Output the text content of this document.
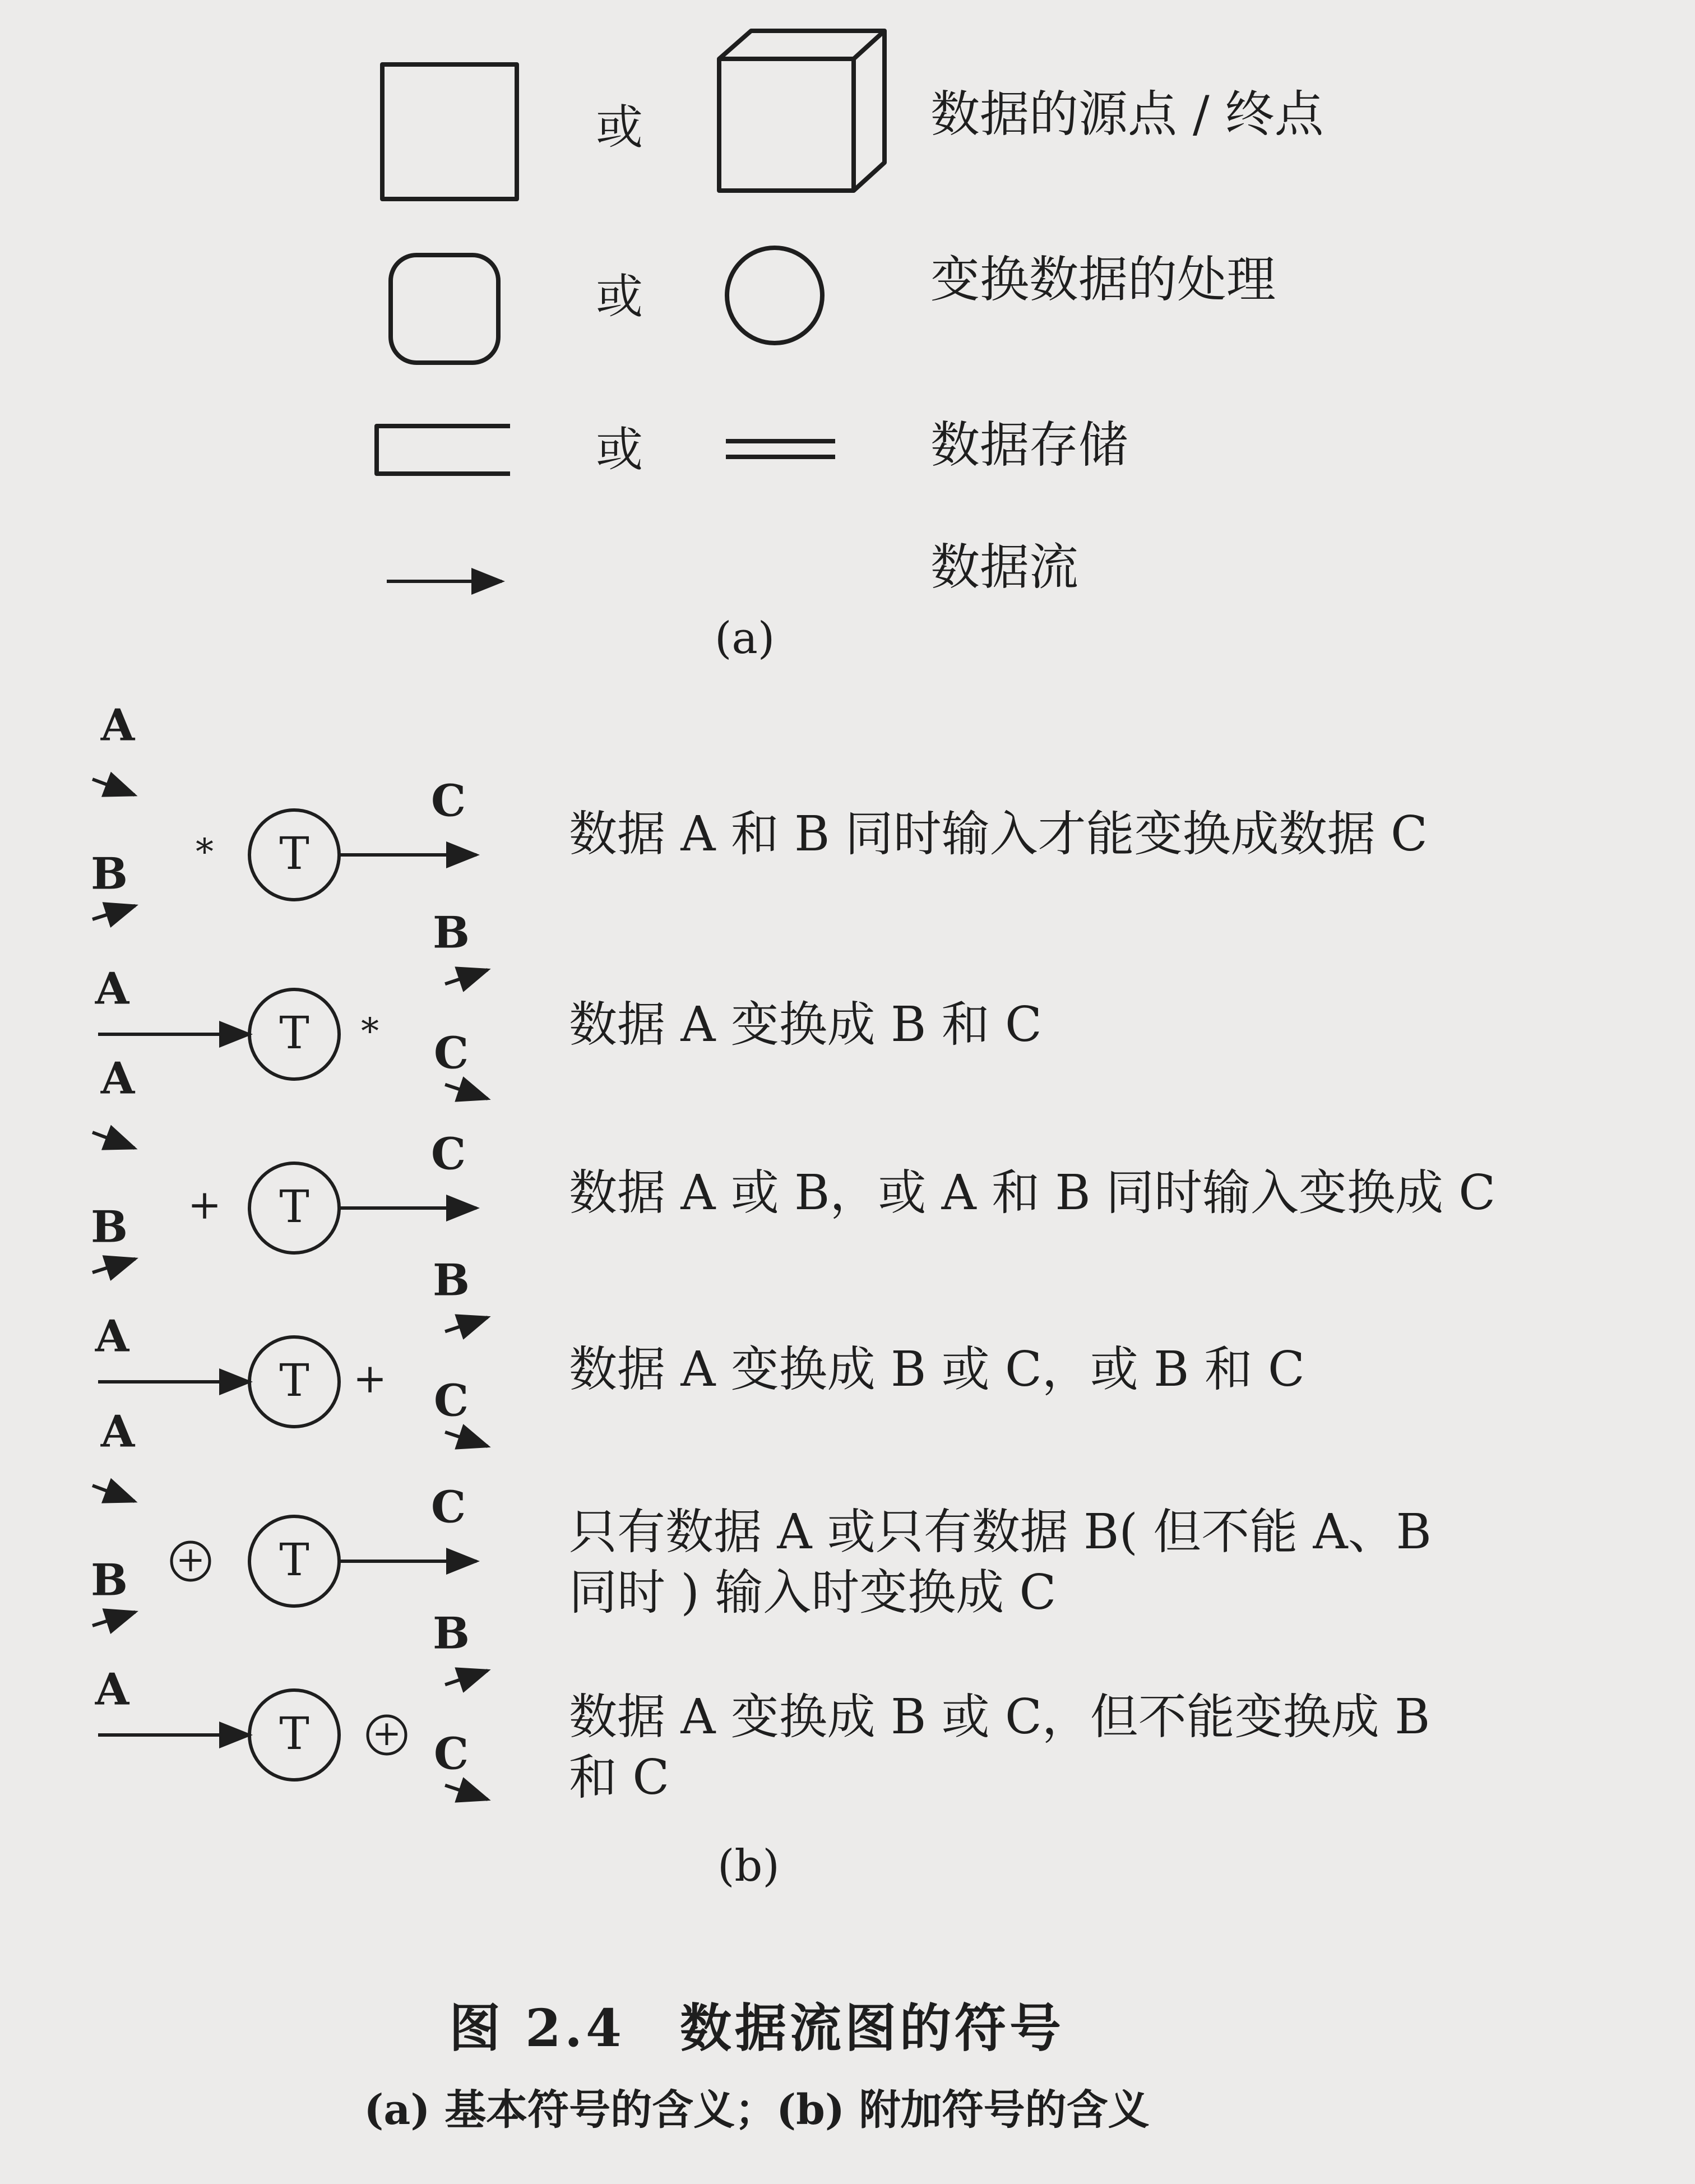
T
A
B
C
*
T
A
B
C
*
T
A
B
C
+
T
A
B
C
+
T
A
B
C
+
T
A
B
C
+
或	数据的源点 / 终点
或	变换数据的处理
或	数据存储
数据流
(a)
数据 A 和 B 同时输入才能变换成数据 C
数据 A 变换成 B 和 C
数据 A 或 B，或 A 和 B 同时输入变换成 C
数据 A 变换成 B 或 C，或 B 和 C
只有数据 A 或只有数据 B( 但不能 A、B 同时 ) 输入时变换成 C
数据 A 变换成 B 或 C，但不能变换成 B 和 C
(b)
图 2.4　数据流图的符号
(a) 基本符号的含义；(b) 附加符号的含义
